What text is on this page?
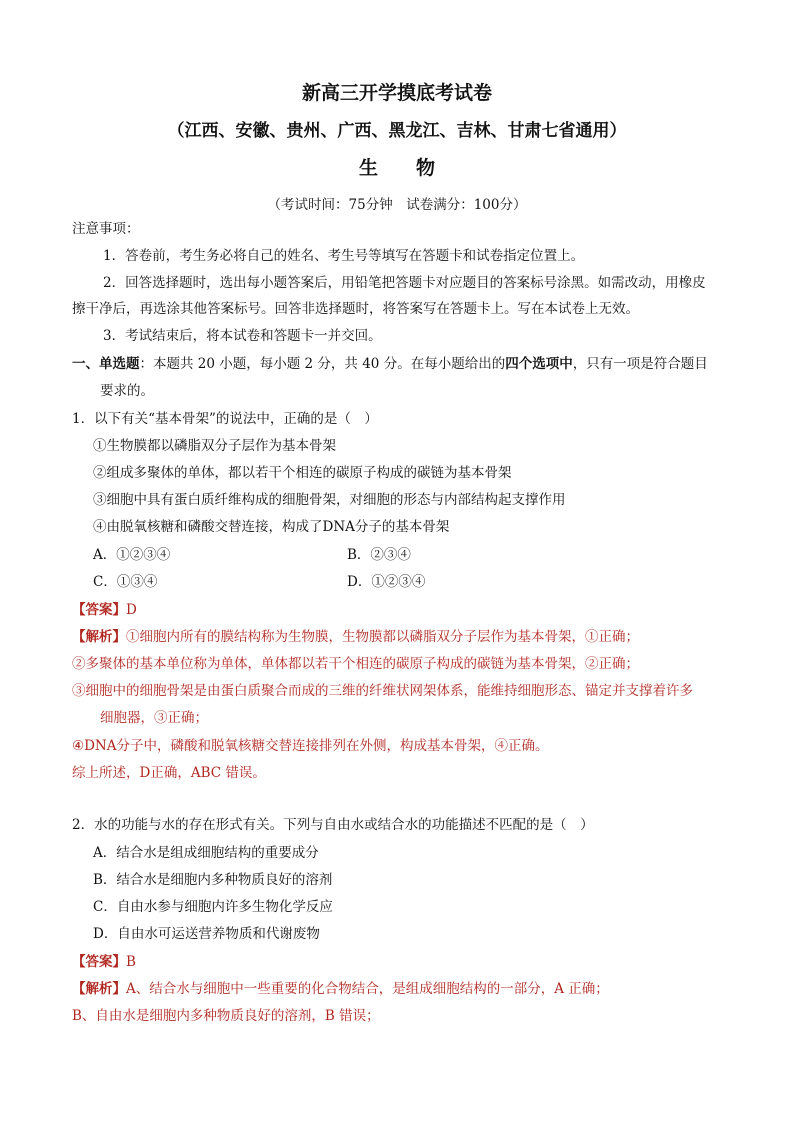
新高三开学摸底考试卷
（江西、安徽、贵州、广西、黑龙江、吉林、甘肃七省通用）
生　　物
（考试时间：75分钟　试卷满分：100分）
注意事项：
1．答卷前，考生务必将自己的姓名、考生号等填写在答题卡和试卷指定位置上。
2．回答选择题时，选出每小题答案后，用铅笔把答题卡对应题目的答案标号涂黑。如需改动，用橡皮
擦干净后，再选涂其他答案标号。回答非选择题时，将答案写在答题卡上。写在本试卷上无效。
3．考试结束后，将本试卷和答题卡一并交回。
一、单选题：本题共 20 小题，每小题 2 分，共 40 分。在每小题给出的四个选项中，只有一项是符合题目
要求的。
1．以下有关“基本骨架”的说法中，正确的是（　）
①生物膜都以磷脂双分子层作为基本骨架
②组成多聚体的单体，都以若干个相连的碳原子构成的碳链为基本骨架
③细胞中具有蛋白质纤维构成的细胞骨架，对细胞的形态与内部结构起支撑作用
④由脱氧核糖和磷酸交替连接，构成了DNA分子的基本骨架
A．①②③④	B．②③④
C．①③④	D．①②③④
【答案】D
【解析】①细胞内所有的膜结构称为生物膜，生物膜都以磷脂双分子层作为基本骨架，①正确；
②多聚体的基本单位称为单体，单体都以若干个相连的碳原子构成的碳链为基本骨架，②正确；
③细胞中的细胞骨架是由蛋白质聚合而成的三维的纤维状网架体系，能维持细胞形态、锚定并支撑着许多
细胞器，③正确；
④DNA分子中，磷酸和脱氧核糖交替连接排列在外侧，构成基本骨架，④正确。
综上所述，D正确，ABC 错误。
2．水的功能与水的存在形式有关。下列与自由水或结合水的功能描述不匹配的是（　）
A．结合水是组成细胞结构的重要成分
B．结合水是细胞内多种物质良好的溶剂
C．自由水参与细胞内许多生物化学反应
D．自由水可运送营养物质和代谢废物
【答案】B
【解析】A、结合水与细胞中一些重要的化合物结合，是组成细胞结构的一部分，A 正确；
B、自由水是细胞内多种物质良好的溶剂，B 错误；
